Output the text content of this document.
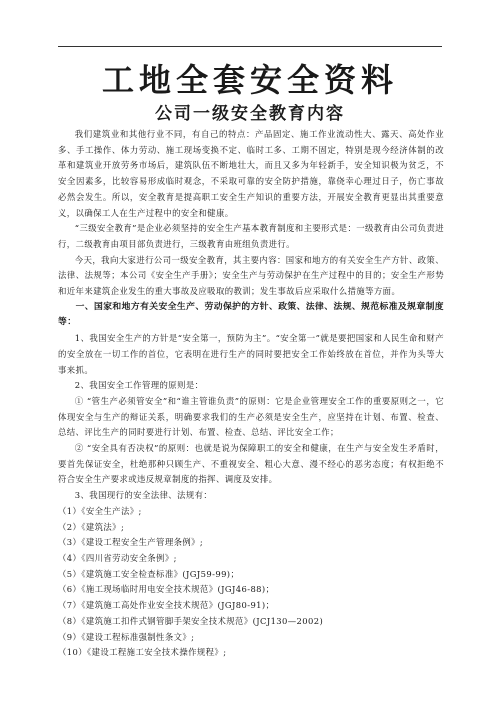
工地全套安全资料
公司一级安全教育内容

我们建筑业和其他行业不同，有自己的特点：产品固定、施工作业流动性大、露天、高处作业多、手工操作、体力劳动、施工现场变换不定、临时工多、工期不固定，特别是现今经济体制的改革和建筑业开放劳务市场后，建筑队伍不断地壮大，而且又多为年轻新手，安全知识极为贫乏，不安全因素多，比较容易形成临时观念，不采取可靠的安全防护措施，靠侥幸心理过日子，伤亡事故必然会发生。所以，安全教育是提高职工安全生产知识的重要方法，开展安全教育更显出其重要意义，以确保工人在生产过程中的安全和健康。

“三级安全教育”是企业必须坚持的安全生产基本教育制度和主要形式是：一级教育由公司负责进行，二级教育由项目部负责进行，三级教育由班组负责进行。

今天，我向大家进行公司一级安全教育，其主要内容：国家和地方的有关安全生产方针、政策、法律、法规等；本公司《安全生产手册》；安全生产与劳动保护在生产过程中的目的；安全生产形势和近年来建筑企业发生的重大事故及应吸取的教训；发生事故后应采取什么措施等方面。

一、国家和地方有关安全生产、劳动保护的方针、政策、法律、法规、规范标准及规章制度等：

1、我国安全生产的方针是“安全第一，预防为主”。“安全第一”就是要把国家和人民生命和财产的安全放在一切工作的首位，它表明在进行生产的同时要把安全工作始终放在首位，并作为头等大事来抓。

2、我国安全工作管理的原则是：

① “管生产必须管安全”和“谁主管谁负责”的原则：它是企业管理安全工作的重要原则之一，它体现安全与生产的辩证关系，明确要求我们的生产必须是安全生产，应坚持在计划、布置、检查、总结、评比生产的同时要进行计划、布置、检查、总结、评比安全工作；

② “安全具有否决权”的原则：也就是说为保障职工的安全和健康，在生产与安全发生矛盾时，要首先保证安全，杜绝那种只顾生产、不重视安全、粗心大意、漫不经心的恶劣态度；有权拒绝不符合安全生产要求或违反规章制度的指挥、调度及安排。

3、我国现行的安全法律、法规有：

（1）《安全生产法》;

（2）《建筑法》;

（3）《建设工程安全生产管理条例》;

（4）《四川省劳动安全条例》;

（5）《建筑施工安全检查标准》(JGJ59-99)；

（6）《施工现场临时用电安全技术规范》(JGJ46-88)；

（7）《建筑施工高处作业安全技术规范》(JGJ80-91)；

（8）《建筑施工扣件式钢管脚手架安全技术规范》(JCJ130—2002)

（9）《建设工程标准强制性条文》;

（10）《建设工程施工安全技术操作规程》;
